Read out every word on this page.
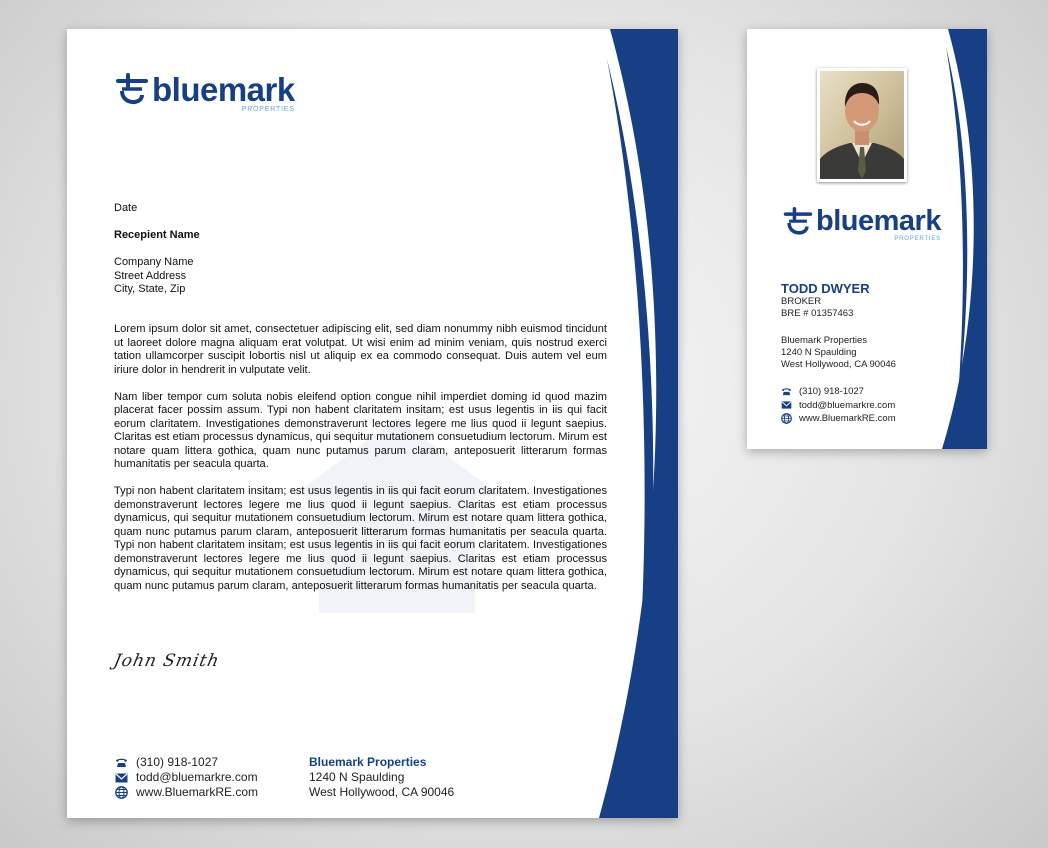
bluemark
PROPERTIES
Date
Recepient Name
Company Name
Street Address
City, State, Zip

Lorem ipsum dolor sit amet, consectetuer adipiscing elit, sed diam nonummy nibh euismod tincidunt ut laoreet dolore magna aliquam erat volutpat. Ut wisi enim ad minim veniam, quis nostrud exerci tation ullamcorper suscipit lobortis nisl ut aliquip ex ea commodo consequat. Duis autem vel eum iriure dolor in hendrerit in vulputate velit.

Nam liber tempor cum soluta nobis eleifend option congue nihil imperdiet doming id quod mazim placerat facer possim assum. Typi non habent claritatem insitam; est usus legentis in iis qui facit eorum claritatem. Investigationes demonstraverunt lectores legere me lius quod ii legunt saepius. Claritas est etiam processus dynamicus, qui sequitur mutationem consuetudium lectorum. Mirum est notare quam littera gothica, quam nunc putamus parum claram, anteposuerit litterarum formas humanitatis per seacula quarta.

Typi non habent claritatem insitam; est usus legentis in iis qui facit eorum claritatem. Investigationes demonstraverunt lectores legere me lius quod ii legunt saepius. Claritas est etiam processus dynamicus, qui sequitur mutationem consuetudium lectorum. Mirum est notare quam littera gothica, quam nunc putamus parum claram, anteposuerit litterarum formas humanitatis per seacula quarta. Typi non habent claritatem insitam; est usus legentis in iis qui facit eorum claritatem. Investigationes demonstraverunt lectores legere me lius quod ii legunt saepius. Claritas est etiam processus dynamicus, qui sequitur mutationem consuetudium lectorum. Mirum est notare quam littera gothica, quam nunc putamus parum claram, anteposuerit litterarum formas humanitatis per seacula quarta.

John Smith
(310) 918-1027
todd@bluemarkre.com
www.BluemarkRE.com
Bluemark Properties
1240 N Spaulding
West Hollywood, CA 90046
bluemark
PROPERTIES
TODD DWYER
BROKER
BRE # 01357463
Bluemark Properties
1240 N Spaulding
West Hollywood, CA 90046
(310) 918-1027
todd@bluemarkre.com
www.BluemarkRE.com
